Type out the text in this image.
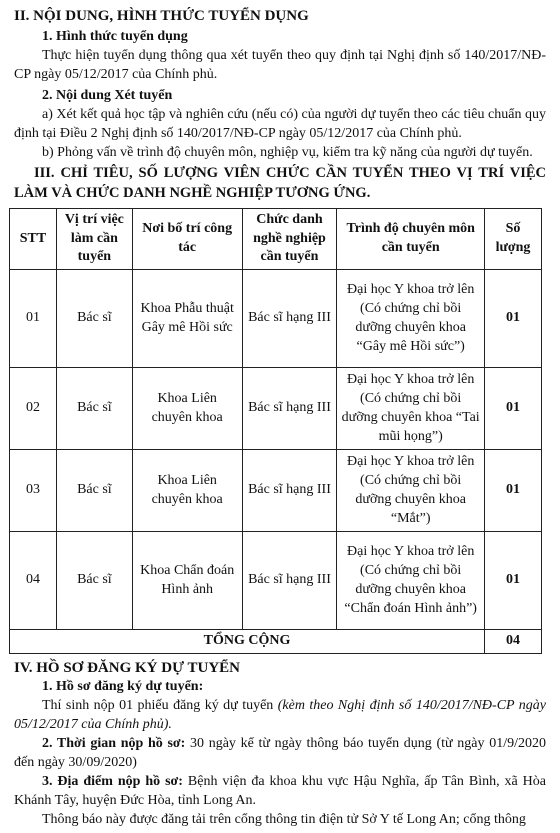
II. NỘI DUNG, HÌNH THỨC TUYỂN DỤNG

1. Hình thức tuyển dụng

Thực hiện tuyển dụng thông qua xét tuyển theo quy định tại Nghị định số 140/2017/NĐ-CP ngày 05/12/2017 của Chính phủ.

2. Nội dung Xét tuyển

a) Xét kết quả học tập và nghiên cứu (nếu có) của người dự tuyển theo các tiêu chuẩn quy định tại Điều 2 Nghị định số 140/2017/NĐ-CP ngày 05/12/2017 của Chính phủ.

b) Phỏng vấn về trình độ chuyên môn, nghiệp vụ, kiểm tra kỹ năng của người dự tuyển.

III. CHỈ TIÊU, SỐ LƯỢNG VIÊN CHỨC CẦN TUYỂN THEO VỊ TRÍ VIỆC LÀM VÀ CHỨC DANH NGHỀ NGHIỆP TƯƠNG ỨNG.

STT	Vị trí việc làm cần tuyển	Nơi bố trí công tác	Chức danh nghề nghiệp cần tuyển	Trình độ chuyên môn cần tuyển	Số lượng
01	Bác sĩ	Khoa Phẫu thuật Gây mê Hồi sức	Bác sĩ hạng III	Đại học Y khoa trở lên (Có chứng chỉ bồi dưỡng chuyên khoa “Gây mê Hồi sức”)	01
02	Bác sĩ	Khoa Liên chuyên khoa	Bác sĩ hạng III	Đại học Y khoa trở lên (Có chứng chỉ bồi dưỡng chuyên khoa “Tai mũi họng”)	01
03	Bác sĩ	Khoa Liên chuyên khoa	Bác sĩ hạng III	Đại học Y khoa trở lên (Có chứng chỉ bồi dưỡng chuyên khoa “Mắt”)	01
04	Bác sĩ	Khoa Chẩn đoán Hình ảnh	Bác sĩ hạng III	Đại học Y khoa trở lên (Có chứng chỉ bồi dưỡng chuyên khoa “Chẩn đoán Hình ảnh”)	01
TỔNG CỘNG					04

IV. HỒ SƠ ĐĂNG KÝ DỰ TUYỂN

1. Hồ sơ đăng ký dự tuyển:

Thí sinh nộp 01 phiếu đăng ký dự tuyển (kèm theo Nghị định số 140/2017/NĐ-CP ngày 05/12/2017 của Chính phủ).

2. Thời gian nộp hồ sơ: 30 ngày kể từ ngày thông báo tuyển dụng (từ ngày 01/9/2020 đến ngày 30/09/2020)

3. Địa điểm nộp hồ sơ: Bệnh viện đa khoa khu vực Hậu Nghĩa, ấp Tân Bình, xã Hòa Khánh Tây, huyện Đức Hòa, tỉnh Long An.

Thông báo này được đăng tải trên cổng thông tin điện tử Sở Y tế Long An; cổng thông
